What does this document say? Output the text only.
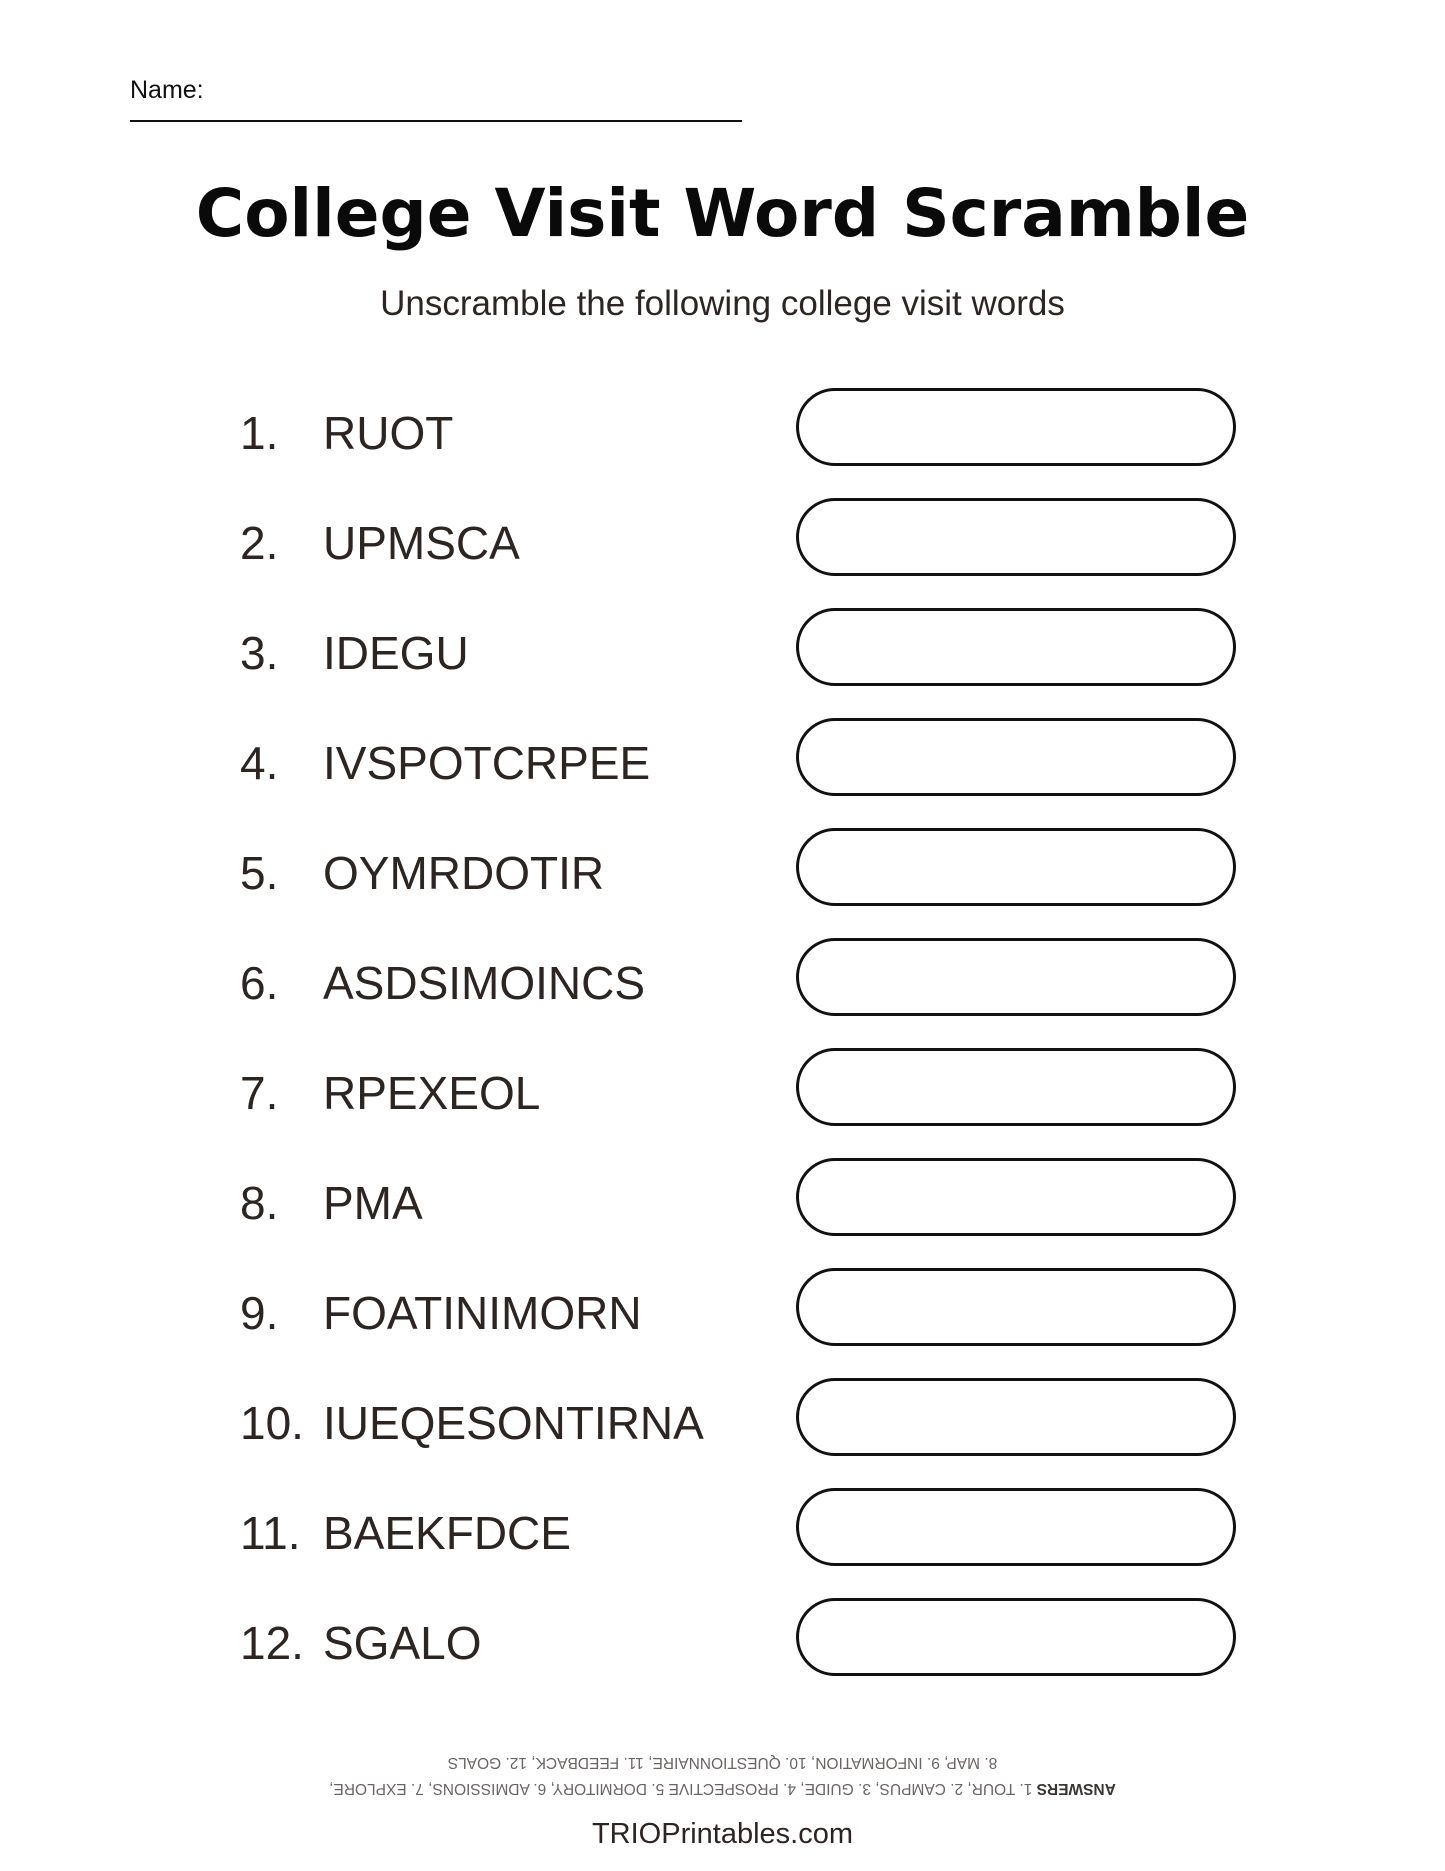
Name:
College Visit Word Scramble
Unscramble the following college visit words
1. RUOT
2. UPMSCA
3. IDEGU
4. IVSPOTCRPEE
5. OYMRDOTIR
6. ASDSIMOINCS
7. RPEXEOL
8. PMA
9. FOATINIMORN
10. IUEQESONTIRNA
11. BAEKFDCE
12. SGALO
ANSWERS 1. TOUR, 2. CAMPUS, 3. GUIDE, 4. PROSPECTIVE 5. DORMITORY, 6. ADMISSIONS, 7. EXPLORE,
8. MAP, 9. INFORMATION, 10. QUESTIONNAIRE, 11. FEEDBACK, 12. GOALS
TRIOPrintables.com
